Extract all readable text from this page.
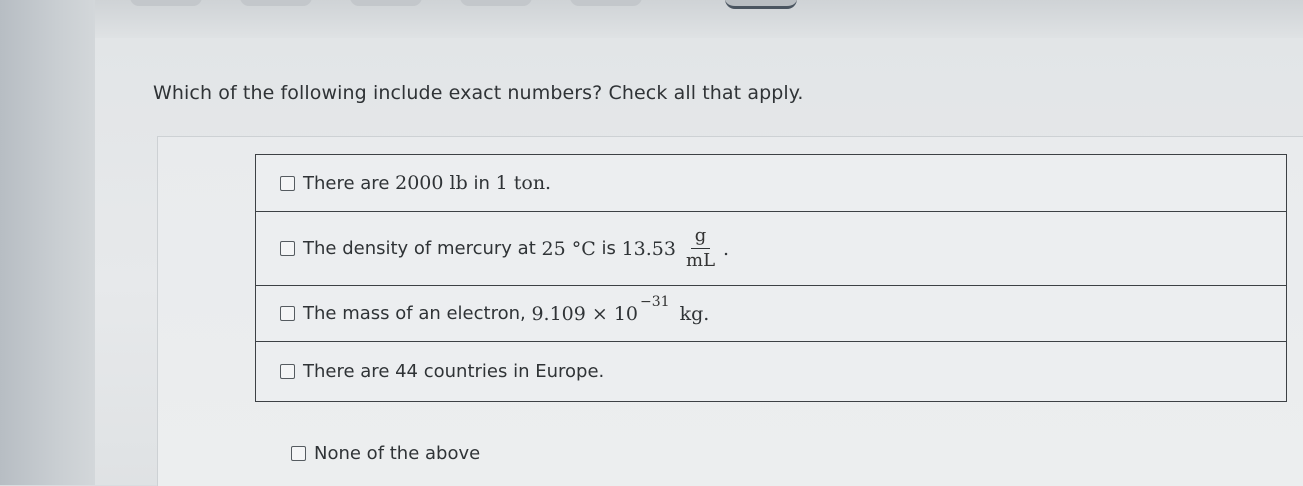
Which of the following include exact numbers? Check all that apply.
There are 2000 lb in 1 ton.
The density of mercury at 25 °C is $13.53 \frac{g}{mL}$ .
The mass of an electron, 9.109 × 10
−31
kg.
There are 44 countries in Europe.
None of the above
